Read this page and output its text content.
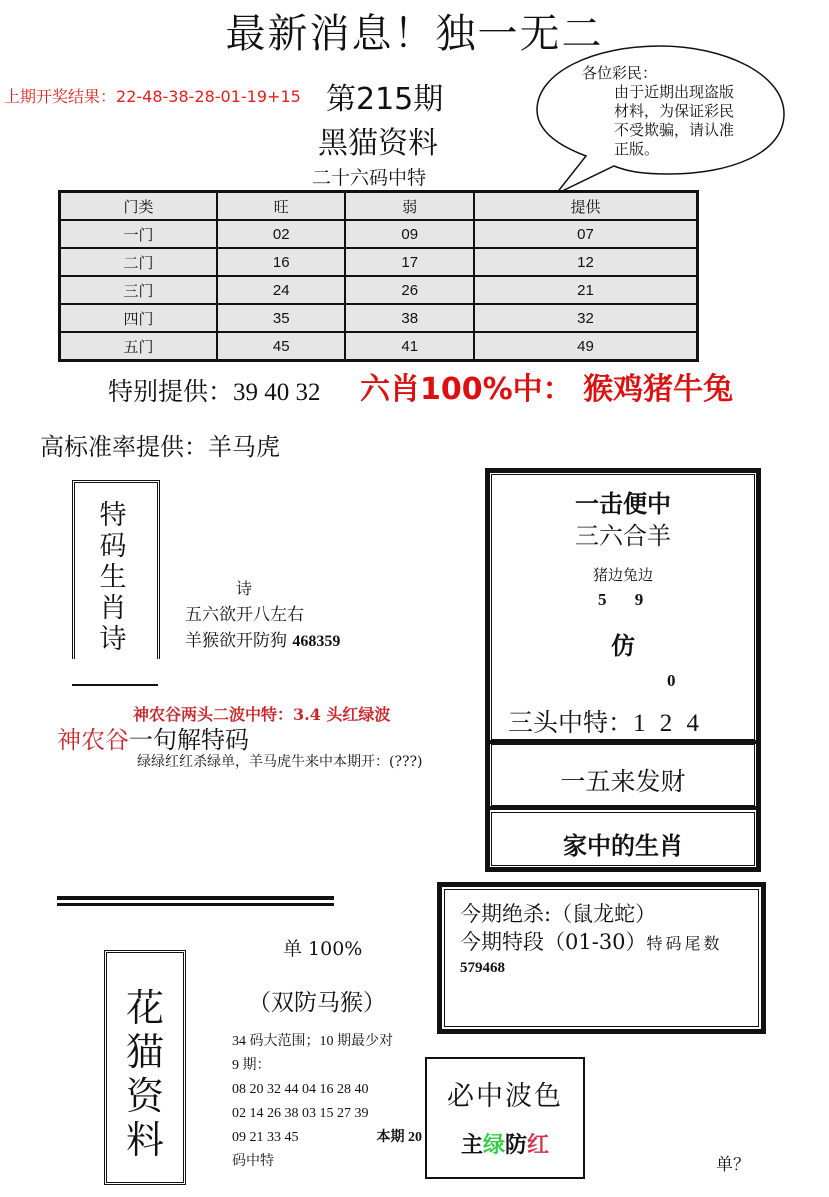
最新消息！独一无二
上期开奖结果：22-48-38-28-01-19+15 第215期
黑猫资料
二十六码中特
各位彩民：
由于近期出现盗版材料，为保证彩民不受欺骗，请认准正版。
门类	旺	弱	提供
一门	02	09	07
二门	16	17	12
三门	24	26	21
四门	35	38	32
五门	45	41	49
特别提供：39 40 32 六肖100%中： 猴鸡猪牛兔
高标准率提供：羊马虎
特
码
生
肖
诗
诗
五六欲开八左右
羊猴欲开防狗 468359
神农谷两头二波中特：3.4 头红绿波
神农谷一句解特码
绿绿红红杀绿单，羊马虎牛来中本期开：(???)
一击便中
三六合羊
猪边兔边
5 9
仿
0
三头中特：1 2 4
一五来发财
家中的生肖
今期绝杀:（鼠龙蛇）
今期特段（01-30）特码尾数
579468
单 100%
（双防马猴）
花
猫
资
料
34 码大范围；10 期最少对
9 期：
08 20 32 44 04 16 28 40
02 14 26 38 03 15 27 39
09 21 33 45	本期 20
码中特
必中波色
主绿防红
单？
